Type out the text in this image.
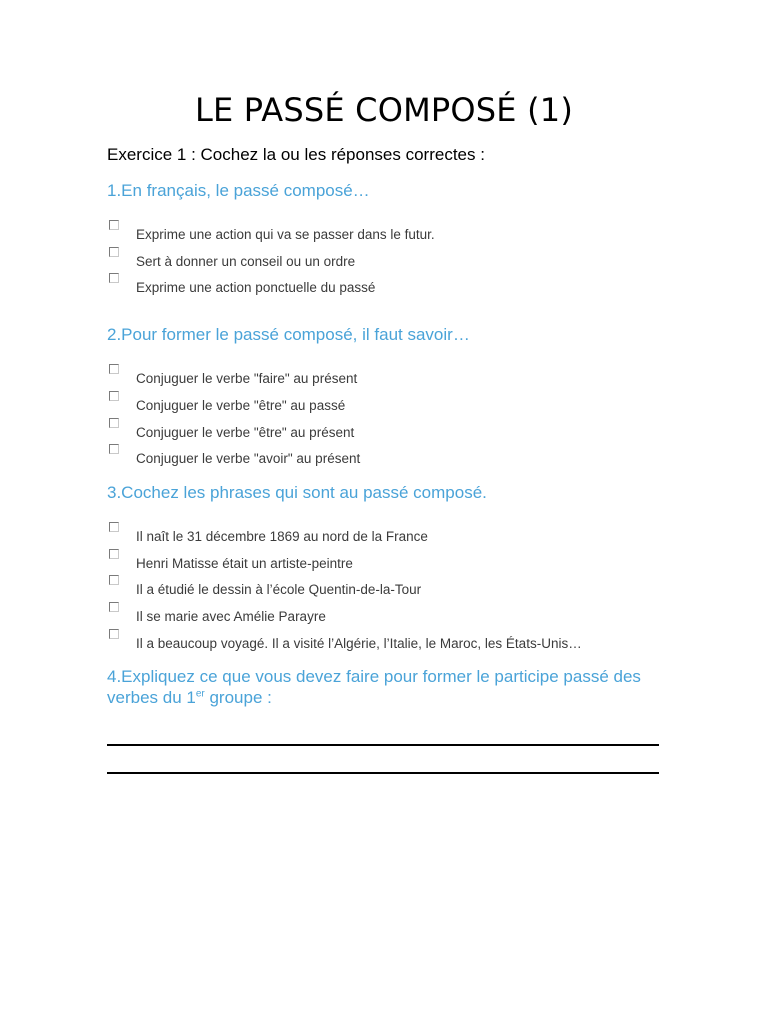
LE PASSÉ COMPOSÉ (1)
Exercice 1 : Cochez la ou les réponses correctes :
1.En français, le passé composé…
Exprime une action qui va se passer dans le futur.
Sert à donner un conseil ou un ordre
Exprime une action ponctuelle du passé
2.Pour former le passé composé, il faut savoir…
Conjuguer le verbe "faire" au présent
Conjuguer le verbe "être" au passé
Conjuguer le verbe "être" au présent
Conjuguer le verbe "avoir" au présent
3.Cochez les phrases qui sont au passé composé.
Il naît le 31 décembre 1869 au nord de la France
Henri Matisse était un artiste-peintre
Il a étudié le dessin à l’école Quentin-de-la-Tour
Il se marie avec Amélie Parayre
Il a beaucoup voyagé. Il a visité l’Algérie, l’Italie, le Maroc, les États-Unis…
4.Expliquez ce que vous devez faire pour former le participe passé des verbes du 1er groupe :
